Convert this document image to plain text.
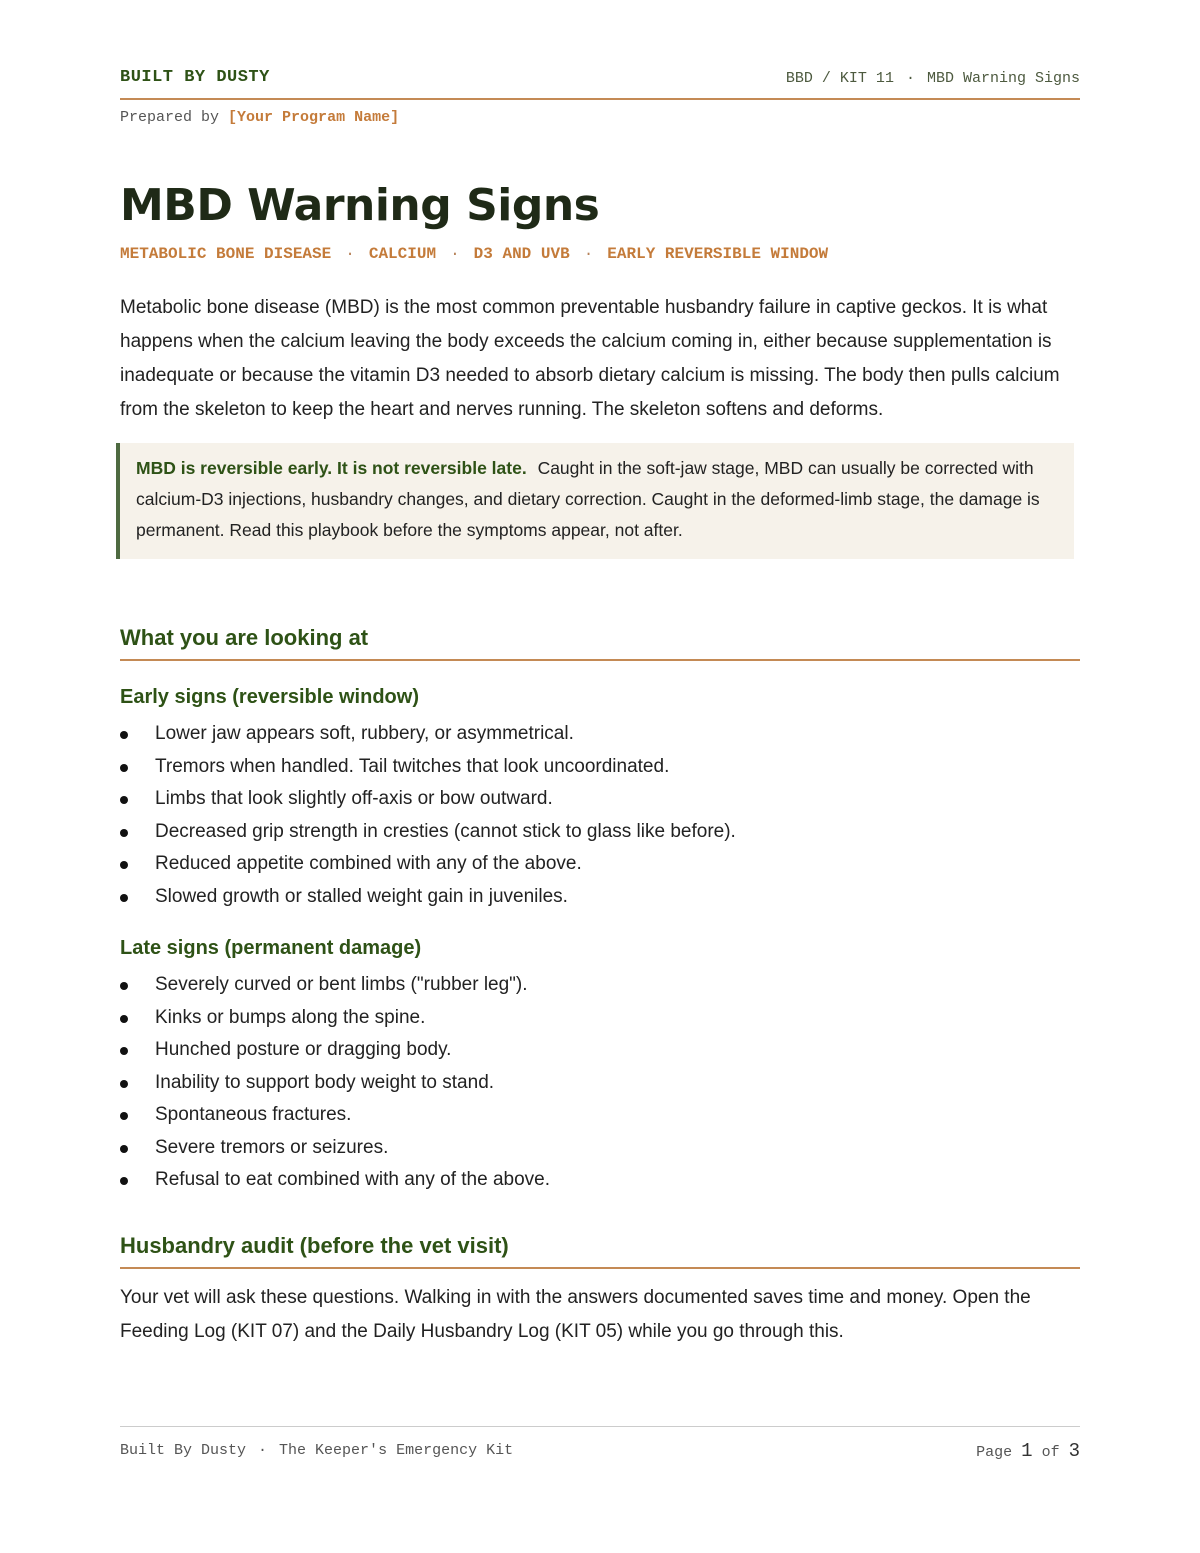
BUILT BY DUSTY	BBD / KIT 11 · MBD Warning Signs
Prepared by [Your Program Name]
MBD Warning Signs
METABOLIC BONE DISEASE · CALCIUM · D3 AND UVB · EARLY REVERSIBLE WINDOW

Metabolic bone disease (MBD) is the most common preventable husbandry failure in captive geckos. It is what happens when the calcium leaving the body exceeds the calcium coming in, either because supplementation is inadequate or because the vitamin D3 needed to absorb dietary calcium is missing. The body then pulls calcium from the skeleton to keep the heart and nerves running. The skeleton softens and deforms.

MBD is reversible early. It is not reversible late. Caught in the soft-jaw stage, MBD can usually be corrected with calcium-D3 injections, husbandry changes, and dietary correction. Caught in the deformed-limb stage, the damage is permanent. Read this playbook before the symptoms appear, not after.
What you are looking at
Early signs (reversible window)
Lower jaw appears soft, rubbery, or asymmetrical.
Tremors when handled. Tail twitches that look uncoordinated.
Limbs that look slightly off-axis or bow outward.
Decreased grip strength in cresties (cannot stick to glass like before).
Reduced appetite combined with any of the above.
Slowed growth or stalled weight gain in juveniles.
Late signs (permanent damage)
Severely curved or bent limbs ("rubber leg").
Kinks or bumps along the spine.
Hunched posture or dragging body.
Inability to support body weight to stand.
Spontaneous fractures.
Severe tremors or seizures.
Refusal to eat combined with any of the above.
Husbandry audit (before the vet visit)

Your vet will ask these questions. Walking in with the answers documented saves time and money. Open the Feeding Log (KIT 07) and the Daily Husbandry Log (KIT 05) while you go through this.

Built By Dusty · The Keeper's Emergency Kit	Page 1 of 3
